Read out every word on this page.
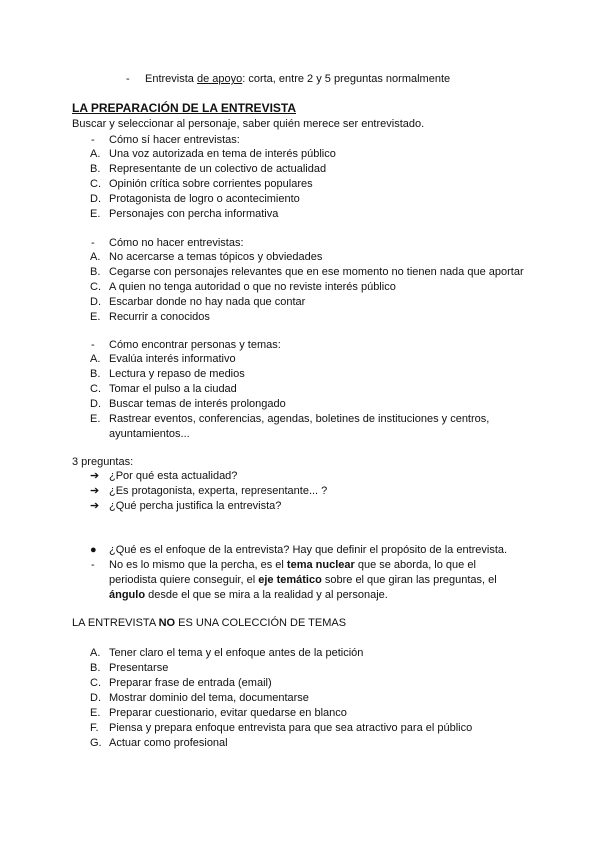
- Entrevista de apoyo: corta, entre 2 y 5 preguntas normalmente
LA PREPARACIÓN DE LA ENTREVISTA
Buscar y seleccionar al personaje, saber quién merece ser entrevistado.
- Cómo sí hacer entrevistas:
A. Una voz autorizada en tema de interés público
B. Representante de un colectivo de actualidad
C. Opinión crítica sobre corrientes populares
D. Protagonista de logro o acontecimiento
E. Personajes con percha informativa
- Cómo no hacer entrevistas:
A. No acercarse a temas tópicos y obviedades
B. Cegarse con personajes relevantes que en ese momento no tienen nada que aportar
C. A quien no tenga autoridad o que no reviste interés público
D. Escarbar donde no hay nada que contar
E. Recurrir a conocidos
- Cómo encontrar personas y temas:
A. Evalúa interés informativo
B. Lectura y repaso de medios
C. Tomar el pulso a la ciudad
D. Buscar temas de interés prolongado
E. Rastrear eventos, conferencias, agendas, boletines de instituciones y centros,
ayuntamientos...
3 preguntas:
➔ ¿Por qué esta actualidad?
➔ ¿Es protagonista, experta, representante... ?
➔ ¿Qué percha justifica la entrevista?
● ¿Qué es el enfoque de la entrevista? Hay que definir el propósito de la entrevista.
- No es lo mismo que la percha, es el tema nuclear que se aborda, lo que el
periodista quiere conseguir, el eje temático sobre el que giran las preguntas, el
ángulo desde el que se mira a la realidad y al personaje.
LA ENTREVISTA NO ES UNA COLECCIÓN DE TEMAS
A. Tener claro el tema y el enfoque antes de la petición
B. Presentarse
C. Preparar frase de entrada (email)
D. Mostrar dominio del tema, documentarse
E. Preparar cuestionario, evitar quedarse en blanco
F. Piensa y prepara enfoque entrevista para que sea atractivo para el público
G. Actuar como profesional
